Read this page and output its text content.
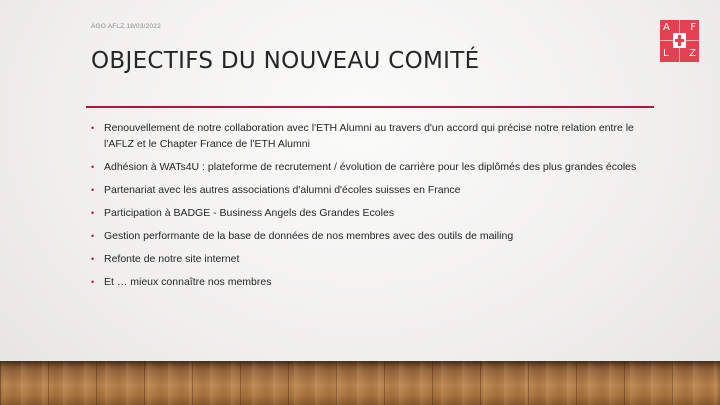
AGO AFLZ 18/03/2022
OBJECTIFS DU NOUVEAU COMITÉ
A F
L Z
• Renouvellement de notre collaboration avec l'ETH Alumni au travers d'un accord qui précise notre relation entre le l'AFLZ et le Chapter France de l'ETH Alumni
• Adhésion à WATs4U : plateforme de recrutement / évolution de carrière pour les diplômés des plus grandes écoles
• Partenariat avec les autres associations d'alumni d'écoles suisses en France
• Participation à BADGE - Business Angels des Grandes Ecoles
• Gestion performante de la base de données de nos membres avec des outils de mailing
• Refonte de notre site internet
• Et … mieux connaître nos membres
